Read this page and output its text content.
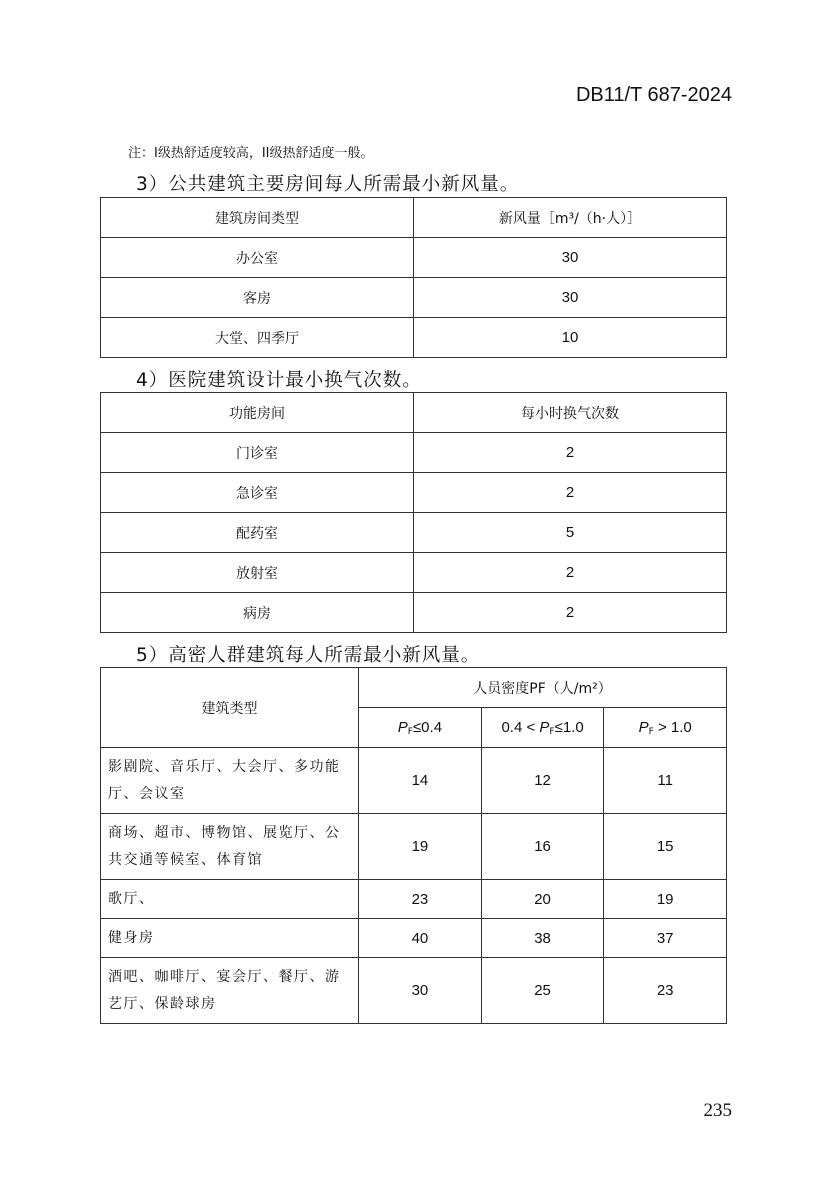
DB11/T 687-2024
注：I级热舒适度较高，II级热舒适度一般。
3）公共建筑主要房间每人所需最小新风量。
建筑房间类型	新风量［m³/（h·人）］
办公室	30
客房	30
大堂、四季厅	10
4）医院建筑设计最小换气次数。
功能房间	每小时换气次数
门诊室	2
急诊室	2
配药室	5
放射室	2
病房	2
5）高密人群建筑每人所需最小新风量。
建筑类型	人员密度PF（人/m²）		
	$P_F\le 0.4$	$0.4 < P_F\le 1.0$	$P_F > 1.0$
影剧院、音乐厅、大会厅、多功能厅、会议室	14	12	11
商场、超市、博物馆、展览厅、公共交通等候室、体育馆	19	16	15
歌厅、	23	20	19
健身房	40	38	37
酒吧、咖啡厅、宴会厅、餐厅、游艺厅、保龄球房	30	25	23
235
